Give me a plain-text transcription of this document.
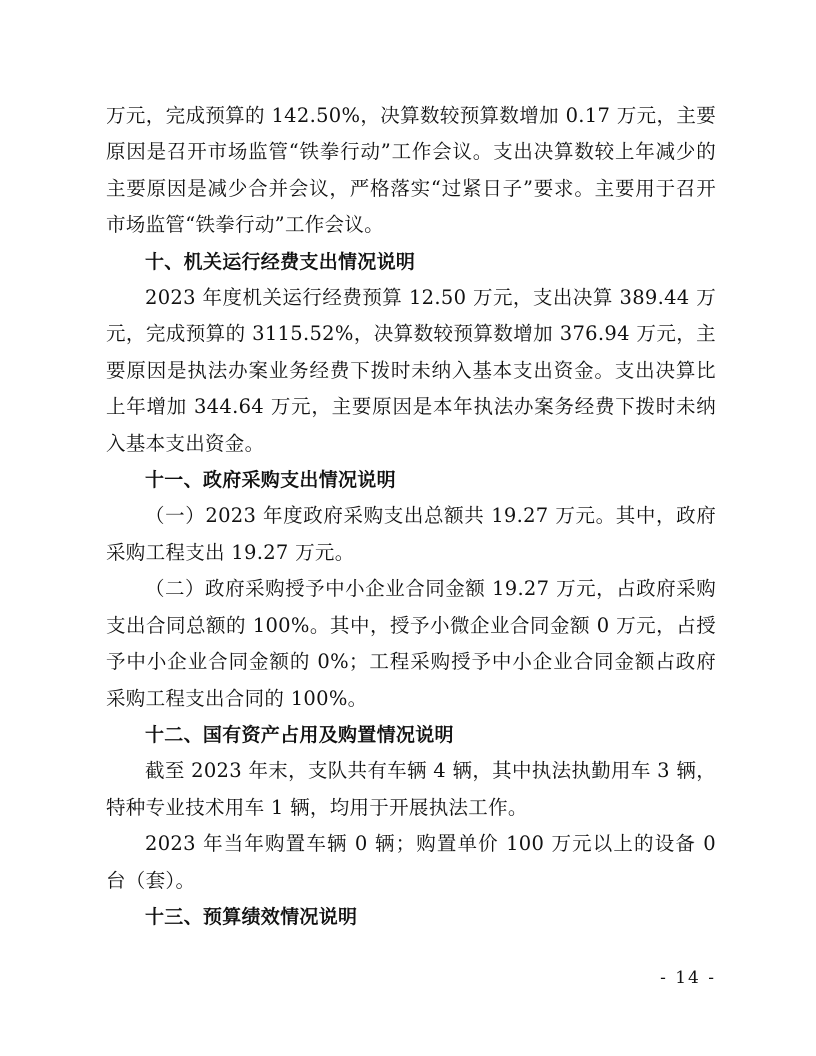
万元，完成预算的 142.50%，决算数较预算数增加 0.17 万元，主要原因是召开市场监管“铁拳行动”工作会议。支出决算数较上年减少的主要原因是减少合并会议，严格落实“过紧日子”要求。主要用于召开市场监管“铁拳行动”工作会议。

十、机关运行经费支出情况说明

2023 年度机关运行经费预算 12.50 万元，支出决算 389.44 万元，完成预算的 3115.52%，决算数较预算数增加 376.94 万元，主要原因是执法办案业务经费下拨时未纳入基本支出资金。支出决算比上年增加 344.64 万元，主要原因是本年执法办案务经费下拨时未纳入基本支出资金。

十一、政府采购支出情况说明

（一）2023 年度政府采购支出总额共 19.27 万元。其中，政府采购工程支出 19.27 万元。

（二）政府采购授予中小企业合同金额 19.27 万元，占政府采购支出合同总额的 100%。其中，授予小微企业合同金额 0 万元，占授予中小企业合同金额的 0%；工程采购授予中小企业合同金额占政府采购工程支出合同的 100%。

十二、国有资产占用及购置情况说明

截至 2023 年末，支队共有车辆 4 辆，其中执法执勤用车 3 辆，特种专业技术用车 1 辆，均用于开展执法工作。

2023 年当年购置车辆 0 辆；购置单价 100 万元以上的设备 0 台（套）。

十三、预算绩效情况说明

- 14 -
